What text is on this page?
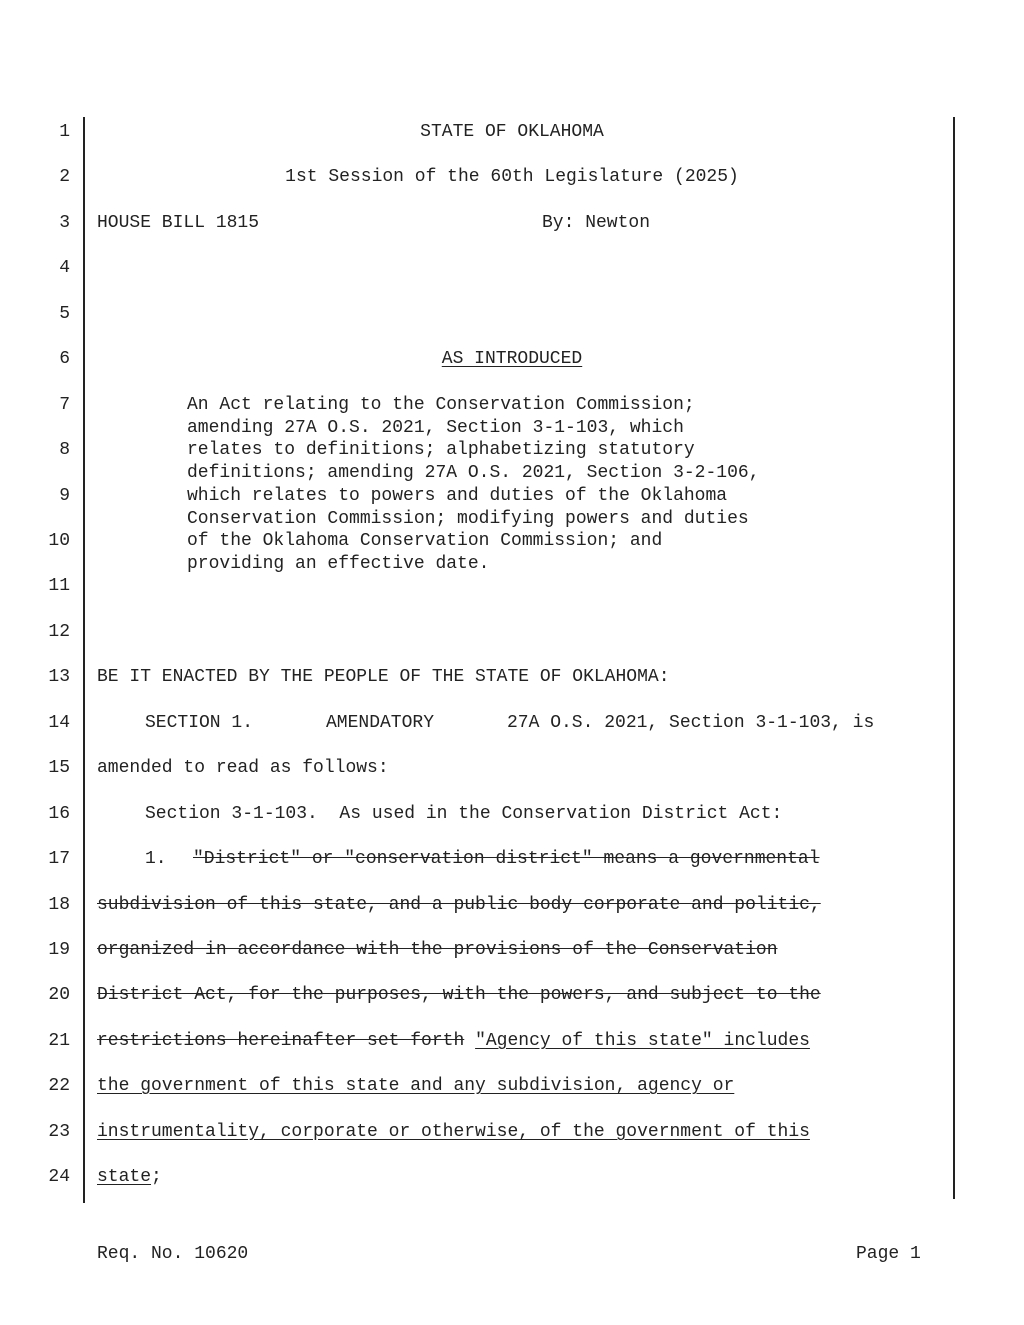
1
2
3
4
5
6
7
8
9
10
11
12
13
14
15
16
17
18
19
20
21
22
23
24
STATE OF OKLAHOMA
1st Session of the 60th Legislature (2025)
HOUSE BILL 1815	By: Newton
AS INTRODUCED
An Act relating to the Conservation Commission;
amending 27A O.S. 2021, Section 3-1-103, which
relates to definitions; alphabetizing statutory
definitions; amending 27A O.S. 2021, Section 3-2-106,
which relates to powers and duties of the Oklahoma
Conservation Commission; modifying powers and duties
of the Oklahoma Conservation Commission; and
providing an effective date.
BE IT ENACTED BY THE PEOPLE OF THE STATE OF OKLAHOMA:
SECTION 1.	AMENDATORY	27A O.S. 2021, Section 3-1-103, is
amended to read as follows:
Section 3-1-103.  As used in the Conservation District Act:
1. "District" or "conservation district" means a governmental
subdivision of this state, and a public body corporate and politic,
organized in accordance with the provisions of the Conservation
District Act, for the purposes, with the powers, and subject to the
restrictions hereinafter set forth "Agency of this state" includes
the government of this state and any subdivision, agency or
instrumentality, corporate or otherwise, of the government of this
state;
Req. No. 10620	Page 1
